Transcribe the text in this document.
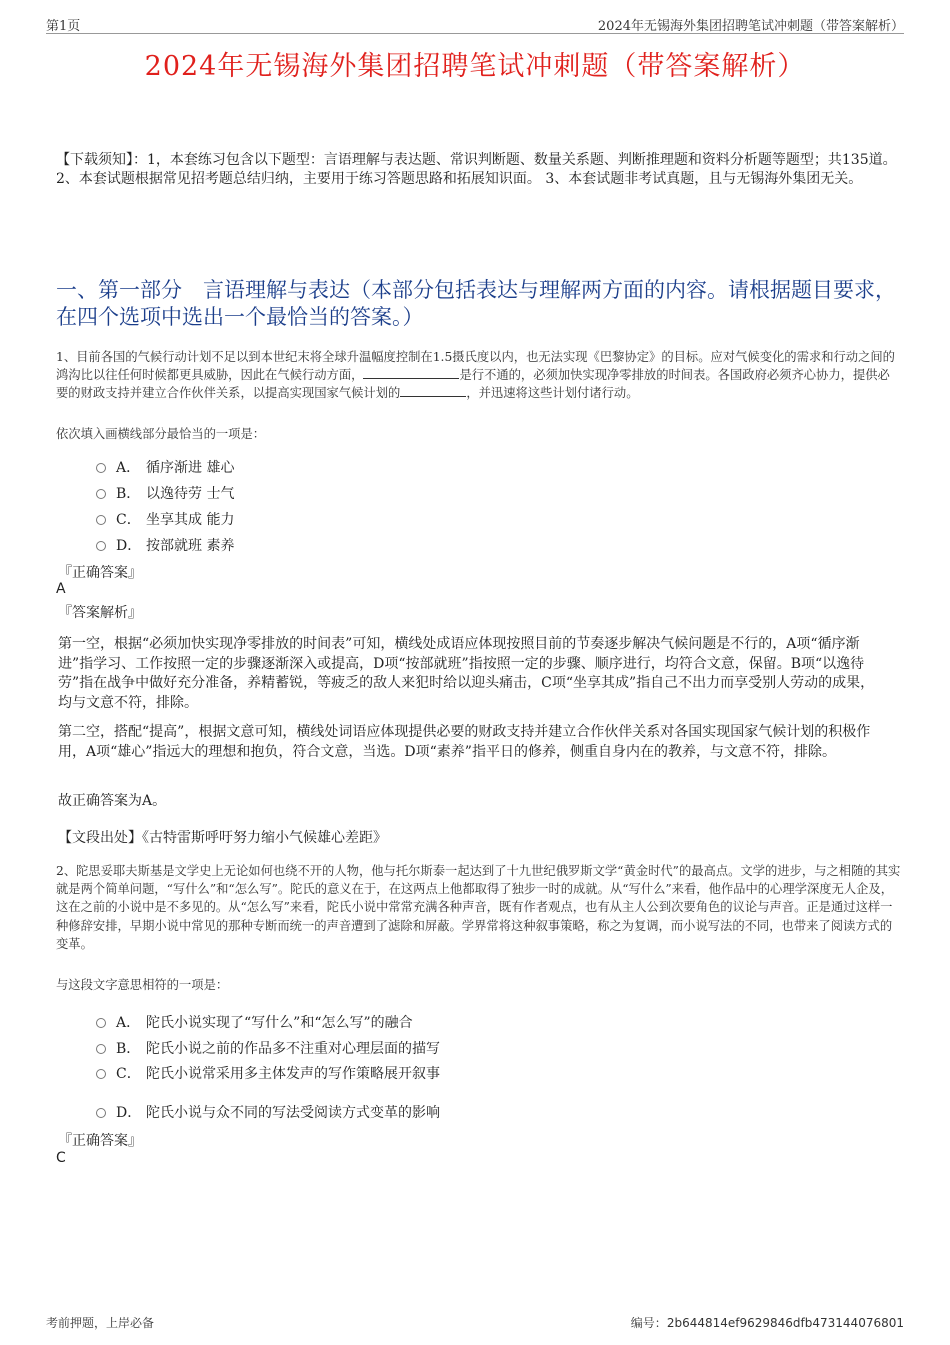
第1页	2024年无锡海外集团招聘笔试冲刺题（带答案解析）
2024年无锡海外集团招聘笔试冲刺题（带答案解析）
【下载须知】：1，本套练习包含以下题型：言语理解与表达题、常识判断题、数量关系题、判断推理题和资料分析题等题型；共135道。 2、本套试题根据常见招考题总结归纳，主要用于练习答题思路和拓展知识面。 3、本套试题非考试真题，且与无锡海外集团无关。
一、第一部分　言语理解与表达（本部分包括表达与理解两方面的内容。请根据题目要求，在四个选项中选出一个最恰当的答案。）
1、目前各国的气候行动计划不足以到本世纪末将全球升温幅度控制在1.5摄氏度以内，也无法实现《巴黎协定》的目标。应对气候变化的需求和行动之间的鸿沟比以往任何时候都更具威胁，因此在气候行动方面，	是行不通的，必须加快实现净零排放的时间表。各国政府必须齐心协力，提供必要的财政支持并建立合作伙伴关系，以提高实现国家气候计划的	，并迅速将这些计划付诸行动。
依次填入画横线部分最恰当的一项是：
A． 循序渐进 雄心
B． 以逸待劳 士气
C． 坐享其成 能力
D． 按部就班 素养
『正确答案』
A
『答案解析』
第一空，根据“必须加快实现净零排放的时间表”可知，横线处成语应体现按照目前的节奏逐步解决气候问题是不行的，A项“循序渐进”指学习、工作按照一定的步骤逐渐深入或提高，D项“按部就班”指按照一定的步骤、顺序进行，均符合文意，保留。B项“以逸待劳”指在战争中做好充分准备，养精蓄锐，等疲乏的敌人来犯时给以迎头痛击，C项“坐享其成”指自己不出力而享受别人劳动的成果，均与文意不符，排除。
第二空，搭配“提高”，根据文意可知，横线处词语应体现提供必要的财政支持并建立合作伙伴关系对各国实现国家气候计划的积极作用，A项“雄心”指远大的理想和抱负，符合文意，当选。D项“素养”指平日的修养，侧重自身内在的教养，与文意不符，排除。
故正确答案为A。
【文段出处】《古特雷斯呼吁努力缩小气候雄心差距》
2、陀思妥耶夫斯基是文学史上无论如何也绕不开的人物，他与托尔斯泰一起达到了十九世纪俄罗斯文学“黄金时代”的最高点。文学的进步，与之相随的其实就是两个简单问题，“写什么”和“怎么写”。陀氏的意义在于，在这两点上他都取得了独步一时的成就。从“写什么”来看，他作品中的心理学深度无人企及，这在之前的小说中是不多见的。从“怎么写”来看，陀氏小说中常常充满各种声音，既有作者观点，也有从主人公到次要角色的议论与声音。正是通过这样一种修辞安排，早期小说中常见的那种专断而统一的声音遭到了滤除和屏蔽。学界常将这种叙事策略，称之为复调，而小说写法的不同，也带来了阅读方式的变革。
与这段文字意思相符的一项是：
A． 陀氏小说实现了“写什么”和“怎么写”的融合
B． 陀氏小说之前的作品多不注重对心理层面的描写
C． 陀氏小说常采用多主体发声的写作策略展开叙事
D． 陀氏小说与众不同的写法受阅读方式变革的影响
『正确答案』
C
考前押题，上岸必备	编号：2b644814ef9629846dfb473144076801
